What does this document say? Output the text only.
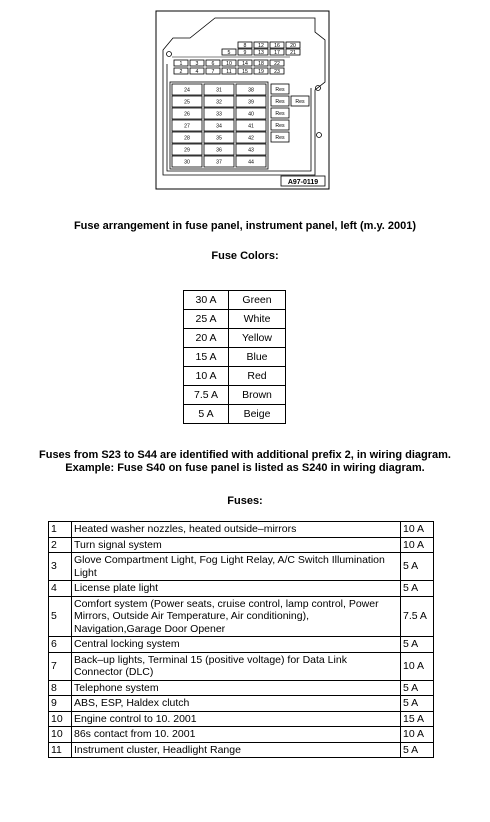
8 12 16 20
5	9 13 17 21
1	3	6 10 14 18 22
2	4	7 11 15 19 23
24
25
26
27
28
29
30
31
32
33
34
35
36
37
38
39
40
41
42
43
44
Res
Res
Res
Res
Res
Res
A97-0119
Fuse arrangement in fuse panel, instrument panel, left (m.y. 2001)
Fuse Colors:
30 A	Green
25 A	White
20 A	Yellow
15 A	Blue
10 A	Red
7.5 A	Brown
5 A	Beige
Fuses from S23 to S44 are identified with additional prefix 2, in wiring diagram.
Example: Fuse S40 on fuse panel is listed as S240 in wiring diagram.
Fuses:
1	Heated washer nozzles, heated outside–mirrors	10 A
2	Turn signal system	10 A
3	Glove Compartment Light, Fog Light Relay, A/C Switch Illumination Light	5 A
4	License plate light	5 A
5	Comfort system (Power seats, cruise control, lamp control, Power Mirrors, Outside Air Temperature, Air conditioning), Navigation,Garage Door Opener	7.5 A
6	Central locking system	5 A
7	Back–up lights, Terminal 15 (positive voltage) for Data Link Connector (DLC)	10 A
8	Telephone system	5 A
9	ABS, ESP, Haldex clutch	5 A
10	Engine control to 10. 2001	15 A
10	86s contact from 10. 2001	10 A
11	Instrument cluster, Headlight Range	5 A
